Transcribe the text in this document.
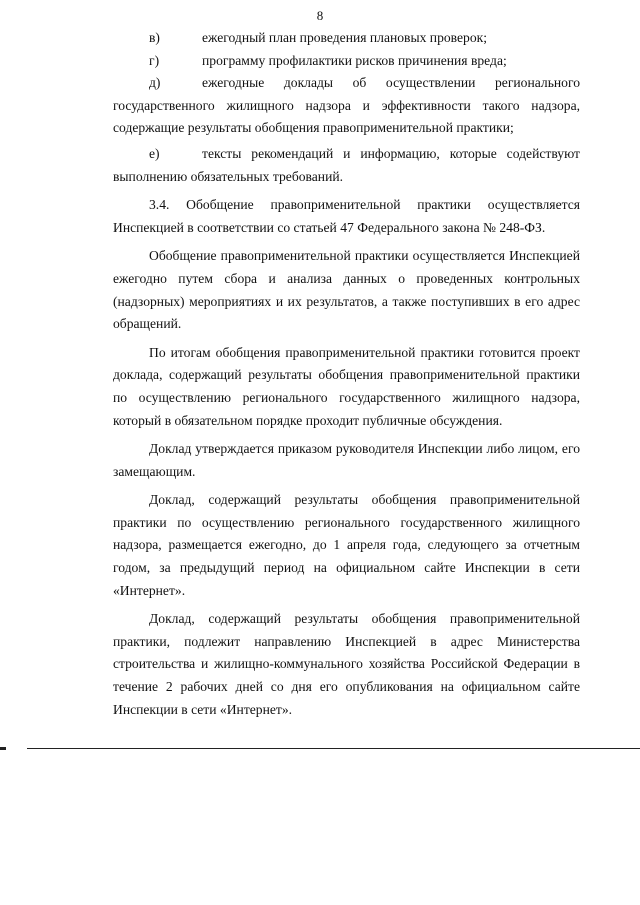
8
в)	ежегодный план проведения плановых проверок;
г)	программу профилактики рисков причинения вреда;
д)	ежегодные доклады об осуществлении регионального

государственного жилищного надзора и эффективности такого надзора, содержащие результаты обобщения правоприменительной практики;

е)	тексты рекомендаций и информацию, которые содействуют

выполнению обязательных требований.

3.4. Обобщение правоприменительной практики осуществляется Инспекцией в соответствии со статьей 47 Федерального закона № 248-ФЗ.

Обобщение правоприменительной практики осуществляется Инспекцией ежегодно путем сбора и анализа данных о проведенных контрольных (надзорных) мероприятиях и их результатов, а также поступивших в его адрес обращений.

По итогам обобщения правоприменительной практики готовится проект доклада, содержащий результаты обобщения правоприменительной практики по осуществлению регионального государственного жилищного надзора, который в обязательном порядке проходит публичные обсуждения.

Доклад утверждается приказом руководителя Инспекции либо лицом, его замещающим.

Доклад, содержащий результаты обобщения правоприменительной практики по осуществлению регионального государственного жилищного надзора, размещается ежегодно, до 1 апреля года, следующего за отчетным годом, за предыдущий период на официальном сайте Инспекции в сети «Интернет».

Доклад, содержащий результаты обобщения правоприменительной практики, подлежит направлению Инспекцией в адрес Министерства строительства и жилищно-коммунального хозяйства Российской Федерации в течение 2 рабочих дней со дня его опубликования на официальном сайте Инспекции в сети «Интернет».
